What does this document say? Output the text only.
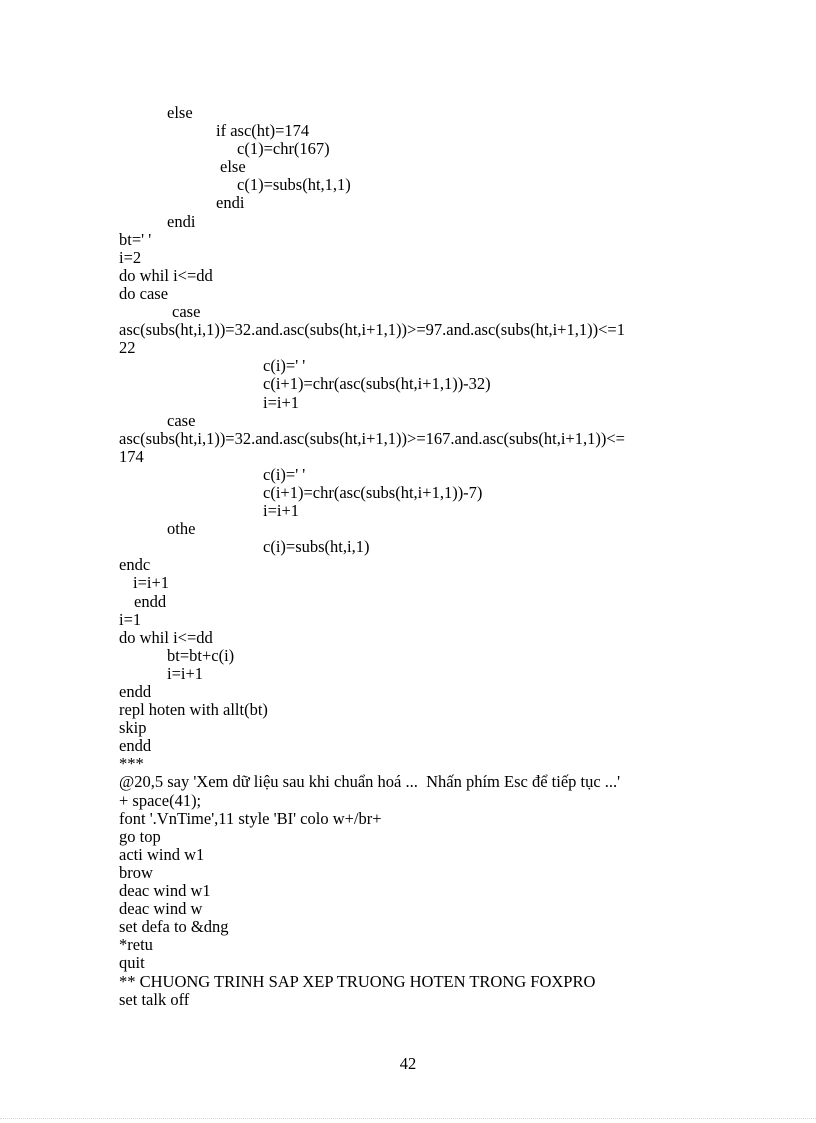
else
if asc(ht)=174
c(1)=chr(167)
else
c(1)=subs(ht,1,1)
endi
endi
bt=' '
i=2
do whil i<=dd
do case
case
asc(subs(ht,i,1))=32.and.asc(subs(ht,i+1,1))>=97.and.asc(subs(ht,i+1,1))<=1
22
c(i)=' '
c(i+1)=chr(asc(subs(ht,i+1,1))-32)
i=i+1
case
asc(subs(ht,i,1))=32.and.asc(subs(ht,i+1,1))>=167.and.asc(subs(ht,i+1,1))<=
174
c(i)=' '
c(i+1)=chr(asc(subs(ht,i+1,1))-7)
i=i+1
othe
c(i)=subs(ht,i,1)
endc
i=i+1
endd
i=1
do whil i<=dd
bt=bt+c(i)
i=i+1
endd
repl hoten with allt(bt)
skip
endd
***
@20,5 say 'Xem dữ liệu sau khi chuẩn hoá ...  Nhấn phím Esc để tiếp tục ...'
+ space(41);
font '.VnTime',11 style 'BI' colo w+/br+
go top
acti wind w1
brow
deac wind w1
deac wind w
set defa to &dng
*retu
quit
** CHUONG TRINH SAP XEP TRUONG HOTEN TRONG FOXPRO
set talk off
42
